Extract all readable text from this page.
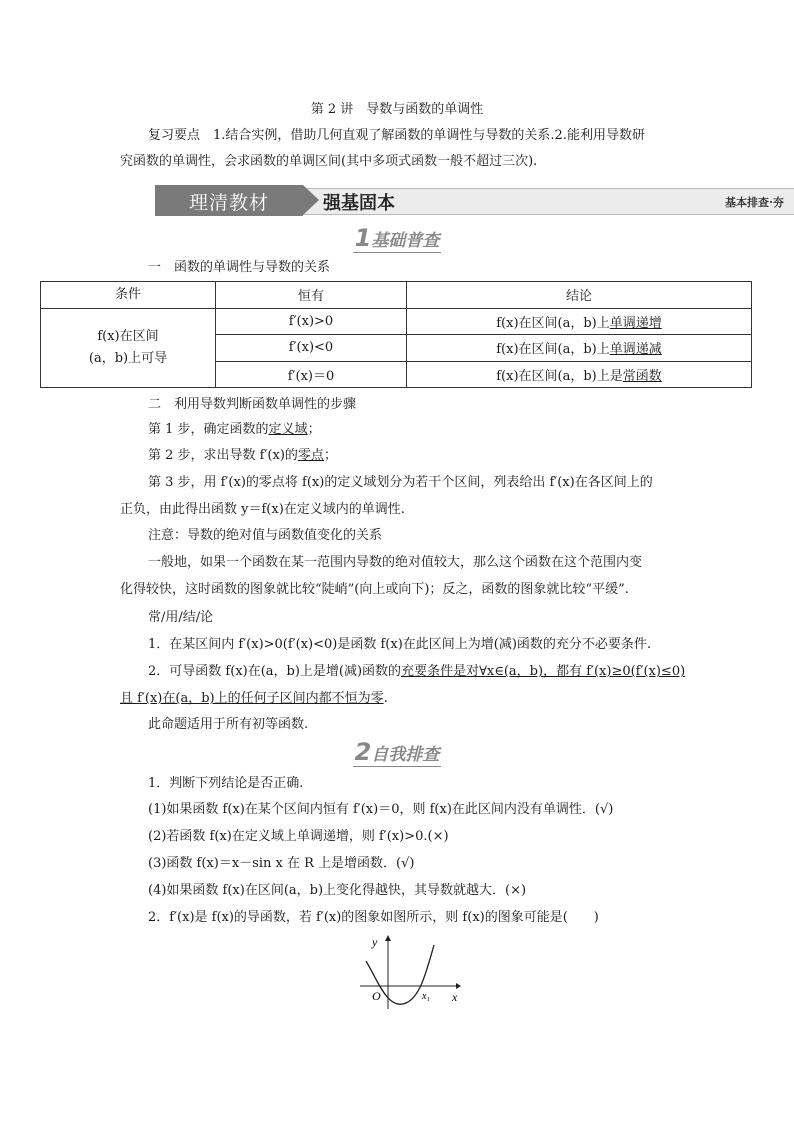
第 2 讲　导数与函数的单调性
复习要点　1.结合实例，借助几何直观了解函数的单调性与导数的关系.2.能利用导数研
究函数的单调性，会求函数的单调区间(其中多项式函数一般不超过三次).
理清教材	强基固本	基本排查·夯
1基础普查
一　函数的单调性与导数的关系
条件	恒有	结论

f(x)在区间
(a，b)上可导	f′(x)>0	f(x)在区间(a，b)上单调递增
	f′(x)<0	f(x)在区间(a，b)上单调递减
	f′(x)＝0	f(x)在区间(a，b)上是常函数
二　利用导数判断函数单调性的步骤
第 1 步，确定函数的定义域；
第 2 步，求出导数 f′(x)的零点；
第 3 步，用 f′(x)的零点将 f(x)的定义域划分为若干个区间，列表给出 f′(x)在各区间上的
正负，由此得出函数 y＝f(x)在定义域内的单调性.
注意：导数的绝对值与函数值变化的关系
一般地，如果一个函数在某一范围内导数的绝对值较大，那么这个函数在这个范围内变
化得较快，这时函数的图象就比较“陡峭”(向上或向下)；反之，函数的图象就比较“平缓”.
常/用/结/论
1．在某区间内 f′(x)>0(f′(x)<0)是函数 f(x)在此区间上为增(减)函数的充分不必要条件.
2．可导函数 f(x)在(a，b)上是增(减)函数的充要条件是对∀x∈(a，b)，都有 f′(x)≥0(f′(x)≤0)
且 f′(x)在(a，b)上的任何子区间内都不恒为零.
此命题适用于所有初等函数.
2自我排查
1．判断下列结论是否正确.
(1)如果函数 f(x)在某个区间内恒有 f′(x)＝0，则 f(x)在此区间内没有单调性．(√)
(2)若函数 f(x)在定义域上单调递增，则 f′(x)>0.(×)
(3)函数 f(x)＝x－sin x 在 R 上是增函数．(√)
(4)如果函数 f(x)在区间(a，b)上变化得越快，其导数就越大．(×)
2．f′(x)是 f(x)的导函数，若 f′(x)的图象如图所示，则 f(x)的图象可能是(　　)
y
x
O	x₁
